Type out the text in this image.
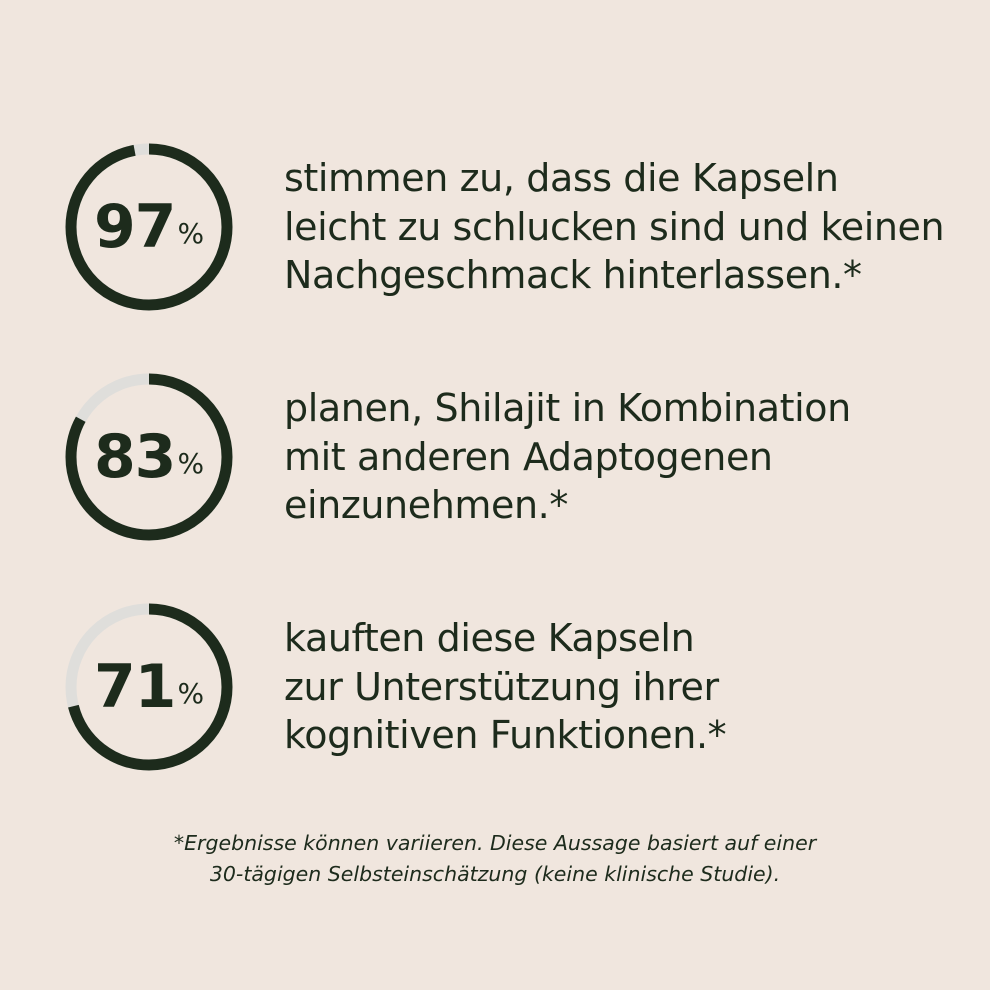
97 %
stimmen zu, dass die Kapseln
leicht zu schlucken sind und keinen
Nachgeschmack hinterlassen.*
83 %
planen, Shilajit in Kombination
mit anderen Adaptogenen
einzunehmen.*
71 %
kauften diese Kapseln
zur Unterstützung ihrer
kognitiven Funktionen.*
*Ergebnisse können variieren. Diese Aussage basiert auf einer
30-tägigen Selbsteinschätzung (keine klinische Studie).
